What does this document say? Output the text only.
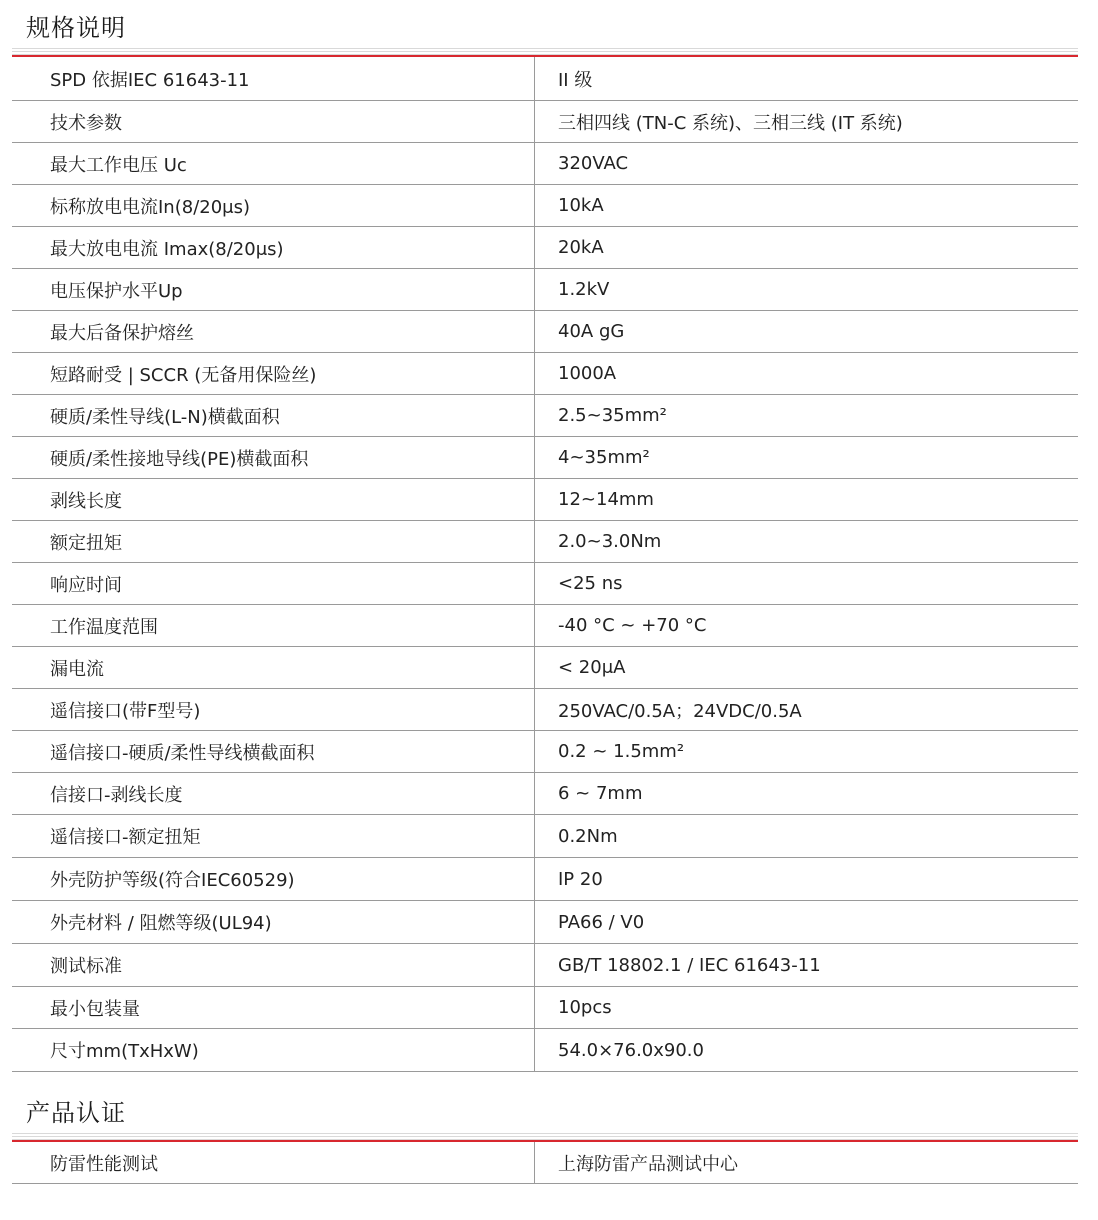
规格说明
SPD 依据IEC 61643-11	II 级
技术参数	三相四线 (TN-C 系统)、三相三线 (IT 系统)
最大工作电压 Uc	320VAC
标称放电电流In(8/20μs)	10kA
最大放电电流 Imax(8/20μs)	20kA
电压保护水平Up	1.2kV
最大后备保护熔丝	40A gG
短路耐受 | SCCR (无备用保险丝)	1000A
硬质/柔性导线(L-N)横截面积	2.5~35mm²
硬质/柔性接地导线(PE)横截面积	4~35mm²
剥线长度	12~14mm
额定扭矩	2.0~3.0Nm
响应时间	<25 ns
工作温度范围	-40 °C ~ +70 °C
漏电流	< 20μA
遥信接口(带F型号)	250VAC/0.5A；24VDC/0.5A
遥信接口-硬质/柔性导线横截面积	0.2 ~ 1.5mm²
信接口-剥线长度	6 ~ 7mm
遥信接口-额定扭矩	0.2Nm
外壳防护等级(符合IEC60529)	IP 20
外壳材料 / 阻燃等级(UL94)	PA66 / V0
测试标准	GB/T 18802.1 / IEC 61643-11
最小包装量	10pcs
尺寸mm(TxHxW)	54.0×76.0x90.0
产品认证
防雷性能测试	上海防雷产品测试中心
